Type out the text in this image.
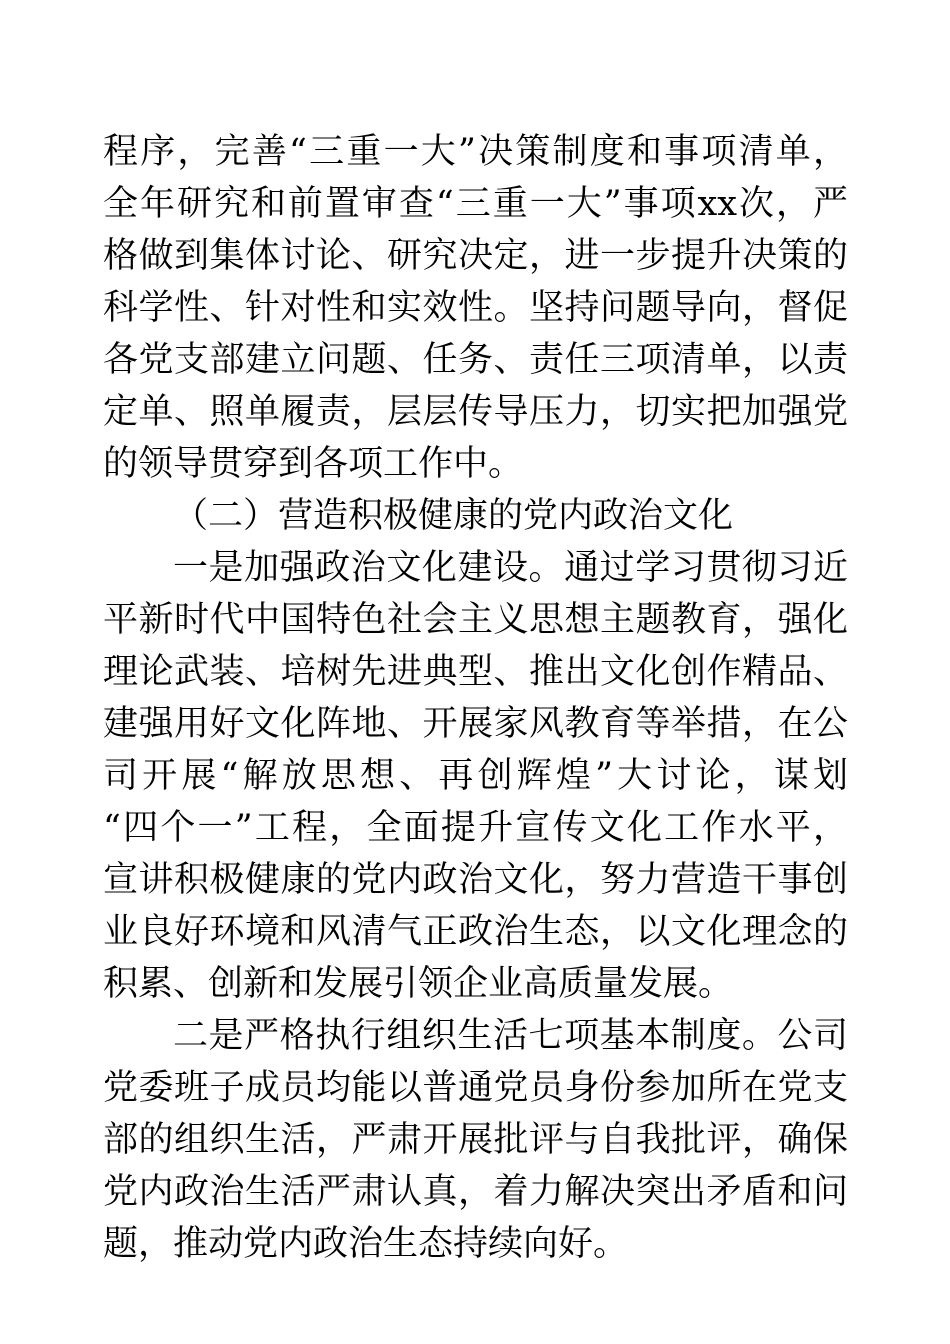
程序，完善“三重一大”决策制度和事项清单，
全年研究和前置审查“三重一大”事项xx次，严
格做到集体讨论、研究决定，进一步提升决策的
科学性、针对性和实效性。坚持问题导向，督促
各党支部建立问题、任务、责任三项清单，以责
定单、照单履责，层层传导压力，切实把加强党
的领导贯穿到各项工作中。
（二）营造积极健康的党内政治文化
一是加强政治文化建设。通过学习贯彻习近
平新时代中国特色社会主义思想主题教育，强化
理论武装、培树先进典型、推出文化创作精品、
建强用好文化阵地、开展家风教育等举措，在公
司开展“解放思想、再创辉煌”大讨论，谋划
“四个一”工程，全面提升宣传文化工作水平，
宣讲积极健康的党内政治文化，努力营造干事创
业良好环境和风清气正政治生态，以文化理念的
积累、创新和发展引领企业高质量发展。
二是严格执行组织生活七项基本制度。公司
党委班子成员均能以普通党员身份参加所在党支
部的组织生活，严肃开展批评与自我批评，确保
党内政治生活严肃认真，着力解决突出矛盾和问
题，推动党内政治生态持续向好。
